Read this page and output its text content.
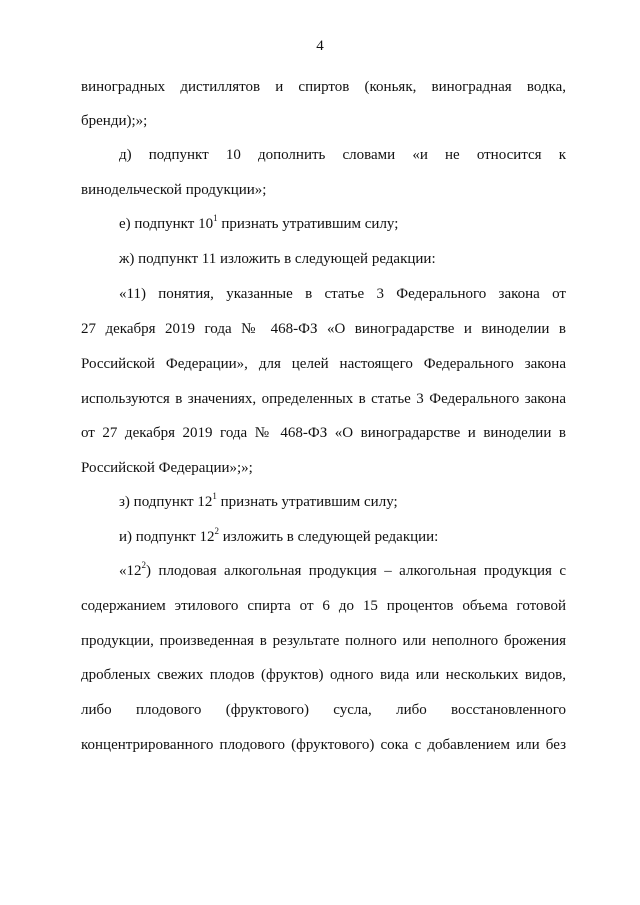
4
виноградных дистиллятов и спиртов (коньяк, виноградная водка,
бренди);»;
д) подпункт 10 дополнить словами «и не относится к
винодельческой продукции»;
е) подпункт $10^1$ признать утратившим силу;
ж) подпункт 11 изложить в следующей редакции:
«11) понятия, указанные в статье 3 Федерального закона от
27 декабря 2019 года № 468-ФЗ «О виноградарстве и виноделии в
Российской Федерации», для целей настоящего Федерального закона
используются в значениях, определенных в статье 3 Федерального закона
от 27 декабря 2019 года № 468-ФЗ «О виноградарстве и виноделии в
Российской Федерации»;»;
з) подпункт $12^1$ признать утратившим силу;
и) подпункт $12^2$ изложить в следующей редакции:
«$12^2$) плодовая алкогольная продукция – алкогольная продукция с
содержанием этилового спирта от 6 до 15 процентов объема готовой
продукции, произведенная в результате полного или неполного брожения
дробленых свежих плодов (фруктов) одного вида или нескольких видов,
либо плодового (фруктового) сусла, либо восстановленного
концентрированного плодового (фруктового) сока с добавлением или без
